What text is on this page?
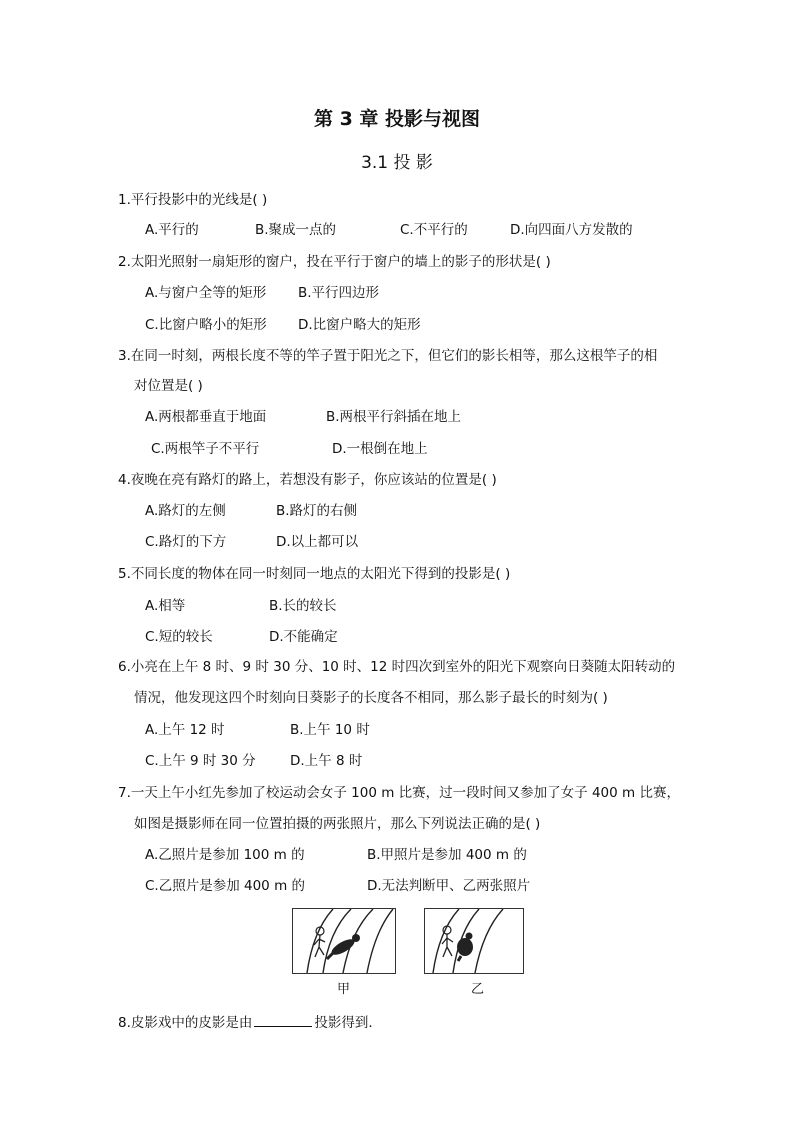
第 3 章 投影与视图
3.1 投 影
1.平行投影中的光线是( )
A.平行的	B.聚成一点的	C.不平行的	D.向四面八方发散的
2.太阳光照射一扇矩形的窗户，投在平行于窗户的墙上的影子的形状是( )
A.与窗户全等的矩形 B.平行四边形
C.比窗户略小的矩形 D.比窗户略大的矩形
3.在同一时刻，两根长度不等的竿子置于阳光之下，但它们的影长相等，那么这根竿子的相
对位置是( )
A.两根都垂直于地面	B.两根平行斜插在地上
C.两根竿子不平行	D.一根倒在地上
4.夜晚在亮有路灯的路上，若想没有影子，你应该站的位置是( )
A.路灯的左侧	B.路灯的右侧
C.路灯的下方	D.以上都可以
5.不同长度的物体在同一时刻同一地点的太阳光下得到的投影是( )
A.相等	B.长的较长
C.短的较长	D.不能确定
6.小亮在上午 8 时、9 时 30 分、10 时、12 时四次到室外的阳光下观察向日葵随太阳转动的
情况，他发现这四个时刻向日葵影子的长度各不相同，那么影子最长的时刻为( )
A.上午 12 时	B.上午 10 时
C.上午 9 时 30 分	D.上午 8 时
7.一天上午小红先参加了校运动会女子 100 m 比赛，过一段时间又参加了女子 400 m 比赛，
如图是摄影师在同一位置拍摄的两张照片，那么下列说法正确的是( )
A.乙照片是参加 100 m 的	B.甲照片是参加 400 m 的
C.乙照片是参加 400 m 的	D.无法判断甲、乙两张照片
甲	乙
8.皮影戏中的皮影是由	投影得到.
